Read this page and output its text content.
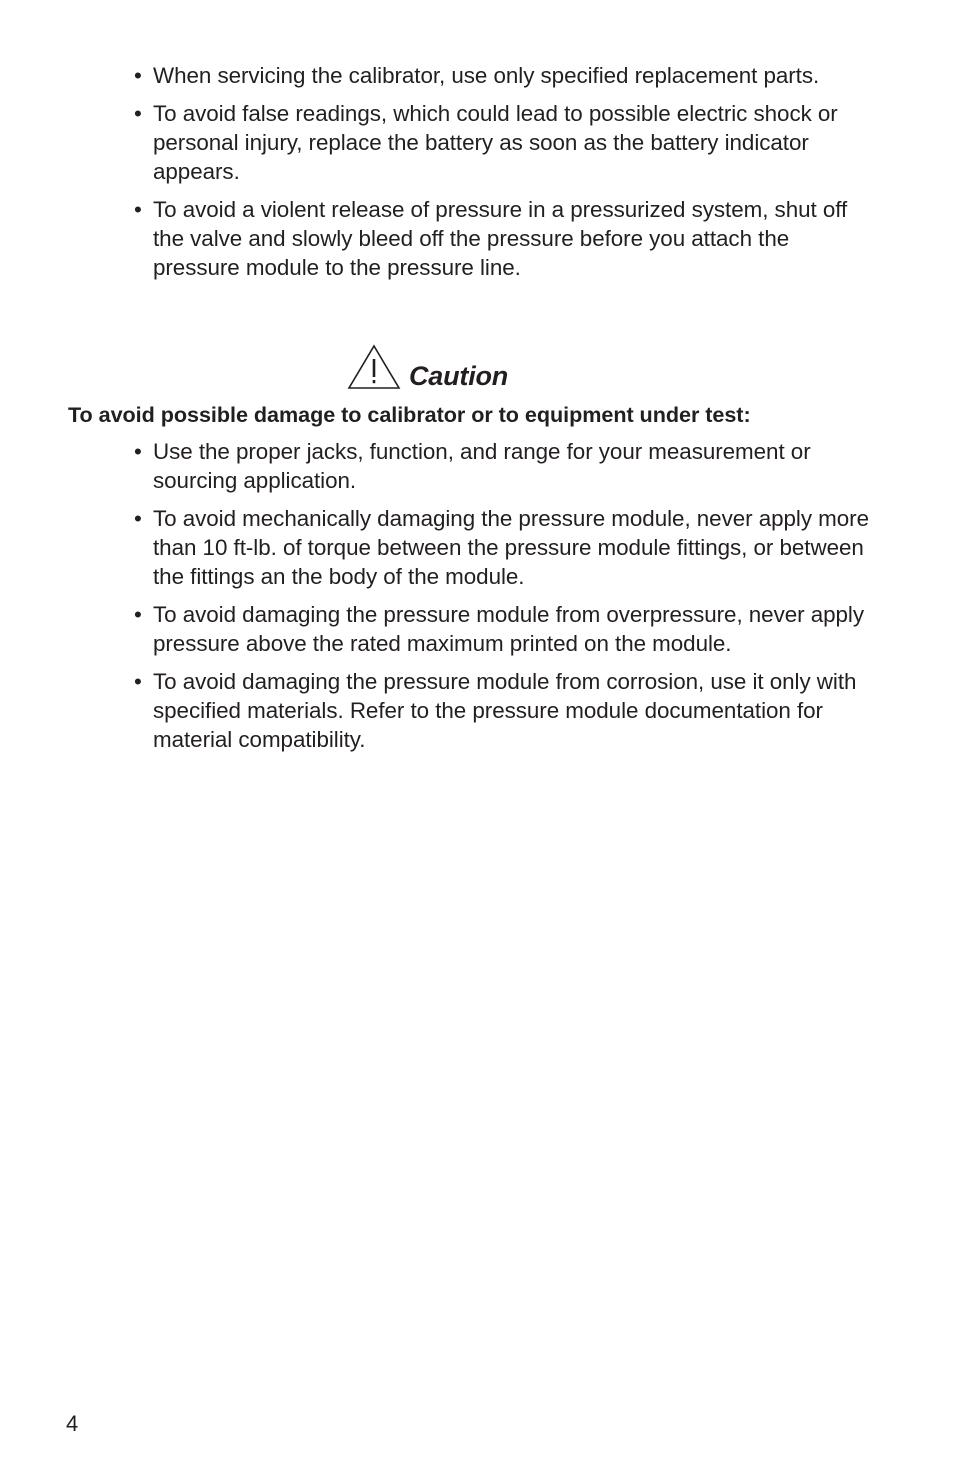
• When servicing the calibrator, use only specified replacement parts.
• To avoid false readings, which could lead to possible electric shock or personal injury, replace the battery as soon as the battery indicator appears.
• To avoid a violent release of pressure in a pressurized system, shut off the valve and slowly bleed off the pressure before you attach the pressure module to the pressure line.
Caution
To avoid possible damage to calibrator or to equipment under test:
• Use the proper jacks, function, and range for your measurement or sourcing application.
• To avoid mechanically damaging the pressure module, never apply more than 10 ft-lb. of torque between the pressure module fittings, or between the fittings an the body of the module.
• To avoid damaging the pressure module from overpressure, never apply pressure above the rated maximum printed on the module.
• To avoid damaging the pressure module from corrosion, use it only with specified materials. Refer to the pressure module documentation for material compatibility.
4
